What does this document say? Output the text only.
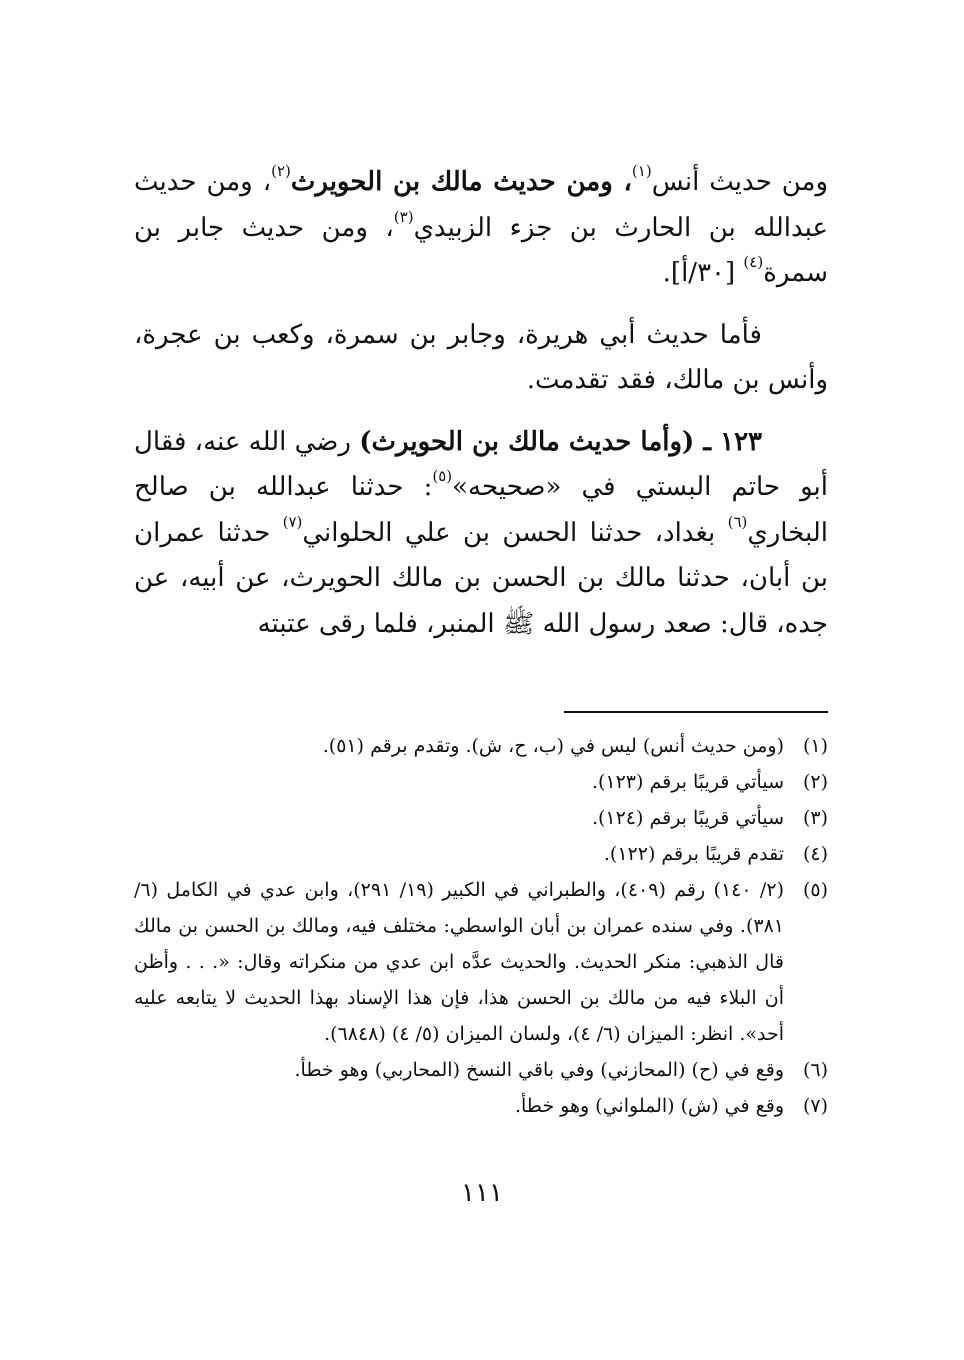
ومن حديث أنس$^{(١)}$، ومن حديث مالك بن الحويرث$^{(٢)}$، ومن حديث عبدالله بن الحارث بن جزء الزبيدي$^{(٣)}$، ومن حديث جابر بن سمرة$^{(٤)}$ [٣٠/أ].

فأما حديث أبي هريرة، وجابر بن سمرة، وكعب بن عجرة، وأنس بن مالك، فقد تقدمت.

١٢٣ ـ (وأما حديث مالك بن الحويرث) رضي الله عنه، فقال أبو حاتم البستي في «صحيحه»$^{(٥)}$: حدثنا عبدالله بن صالح البخاري$^{(٦)}$ بغداد، حدثنا الحسن بن علي الحلواني$^{(٧)}$ حدثنا عمران بن أبان، حدثنا مالك بن الحسن بن مالك الحويرث، عن أبيه، عن جده، قال: صعد رسول الله ﷺ المنبر، فلما رقى عتبته

(١)
(ومن حديث أنس) ليس في (ب، ح، ش). وتقدم برقم (٥١).
(٢)
سيأتي قريبًا برقم (١٢٣).
(٣)
سيأتي قريبًا برقم (١٢٤).
(٤)
تقدم قريبًا برقم (١٢٢).
(٥)
(٢/ ١٤٠) رقم (٤٠٩)، والطبراني في الكبير (١٩/ ٢٩١)، وابن عدي في الكامل (٦/ ٣٨١). وفي سنده عمران بن أبان الواسطي: مختلف فيه، ومالك بن الحسن بن مالك قال الذهبي: منكر الحديث. والحديث عدَّه ابن عدي من منكراته وقال: «. . . وأظن أن البلاء فيه من مالك بن الحسن هذا، فإن هذا الإسناد بهذا الحديث لا يتابعه عليه أحد». انظر: الميزان (٦/ ٤)، ولسان الميزان (٥/ ٤) (٦٨٤٨).
(٦)
وقع في (ح) (المحازني) وفي باقي النسخ (المحاربي) وهو خطأ.
(٧)
وقع في (ش) (الملواني) وهو خطأ.
١١١
